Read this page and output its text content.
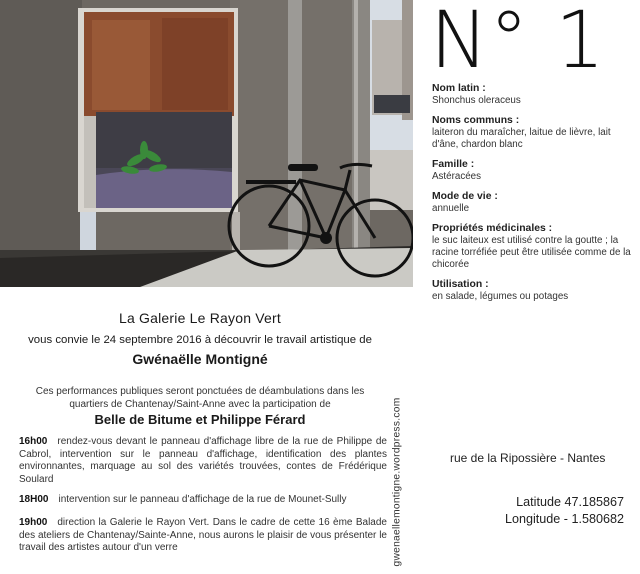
N° 1
Nom latin :
Shonchus oleraceus
Noms communs :
laiteron du maraîcher, laitue de lièvre, lait d'âne, chardon blanc
Famille :
Astéracées
Mode de vie :
annuelle
Propriétés médicinales :
le suc laiteux est utilisé contre la goutte ; la racine torréfiée peut être utilisée comme de la chicorée
Utilisation :
en salade, légumes ou potages
La Galerie Le Rayon Vert
vous convie le 24 septembre 2016 à découvrir le travail artistique de
Gwénaëlle Montigné
Ces performances publiques seront ponctuées de déambulations dans les quartiers de Chantenay/Saint-Anne avec la participation de
Belle de Bitume et Philippe Férard
16h00 rendez-vous devant le panneau d'affichage libre de la rue de Philippe de Cabrol, intervention sur le panneau d'affichage, identification des plantes environnantes, marquage au sol des variétés trouvées, contes de Frédérique Soulard
18H00 intervention sur le panneau d'affichage de la rue de Mounet-Sully
19h00 direction la Galerie le Rayon Vert. Dans le cadre de cette 16 ème Balade des ateliers de Chantenay/Sainte-Anne, nous aurons le plaisir de vous présenter le travail des artistes autour d'un verre	gwenaellemontigne.wordpress.com	rue de la Ripossière - Nantes
Latitude 47.185867
Longitude - 1.580682
